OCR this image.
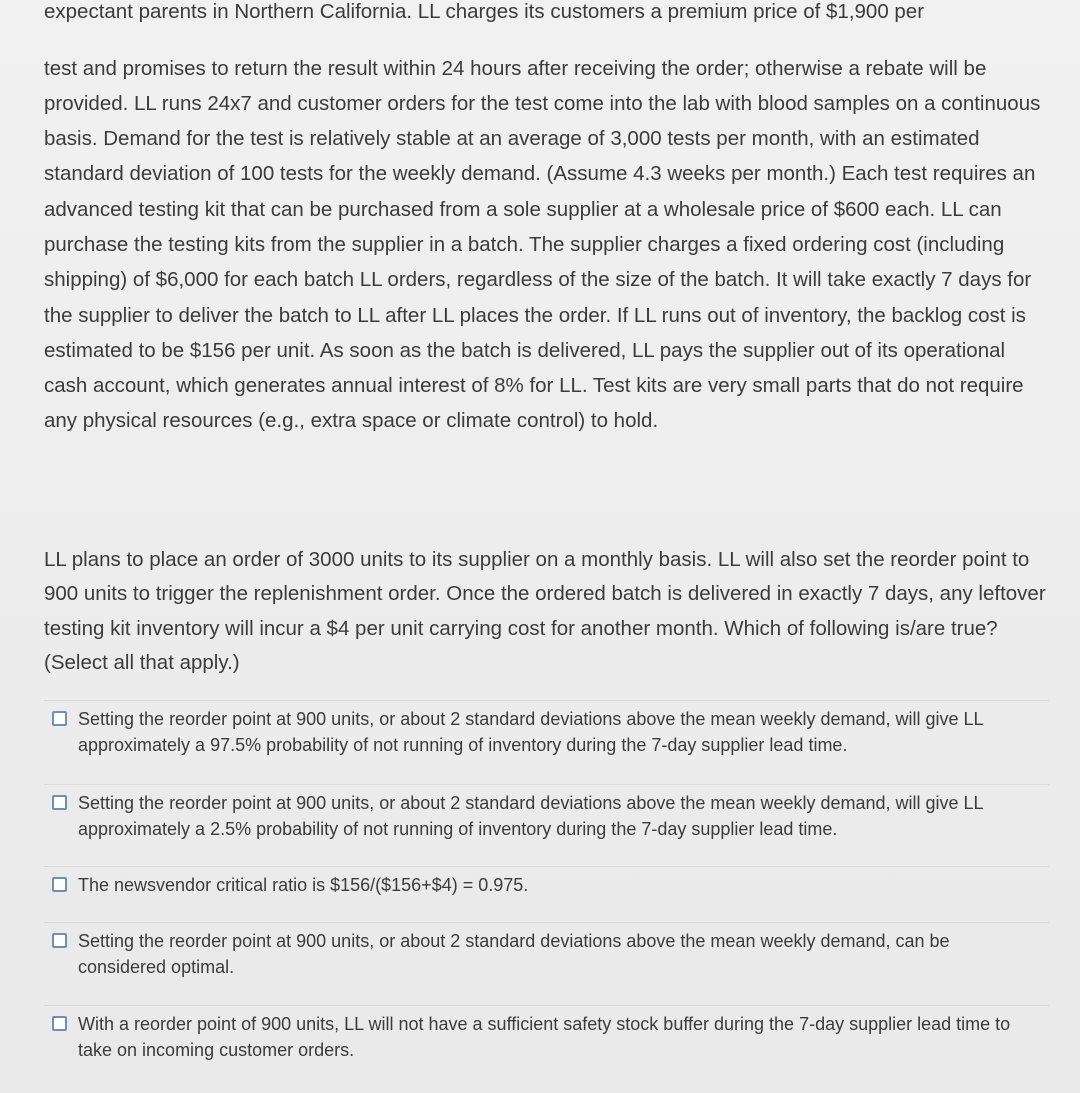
expectant parents in Northern California. LL charges its customers a premium price of $1,900 per

test and promises to return the result within 24 hours after receiving the order; otherwise a rebate will be provided. LL runs 24x7 and customer orders for the test come into the lab with blood samples on a continuous basis. Demand for the test is relatively stable at an average of 3,000 tests per month, with an estimated standard deviation of 100 tests for the weekly demand. (Assume 4.3 weeks per month.) Each test requires an advanced testing kit that can be purchased from a sole supplier at a wholesale price of $600 each. LL can purchase the testing kits from the supplier in a batch. The supplier charges a fixed ordering cost (including shipping) of $6,000 for each batch LL orders, regardless of the size of the batch. It will take exactly 7 days for the supplier to deliver the batch to LL after LL places the order. If LL runs out of inventory, the backlog cost is estimated to be $156 per unit. As soon as the batch is delivered, LL pays the supplier out of its operational cash account, which generates annual interest of 8% for LL. Test kits are very small parts that do not require any physical resources (e.g., extra space or climate control) to hold.

LL plans to place an order of 3000 units to its supplier on a monthly basis. LL will also set the reorder point to 900 units to trigger the replenishment order. Once the ordered batch is delivered in exactly 7 days, any leftover testing kit inventory will incur a $4 per unit carrying cost for another month. Which of following is/are true? (Select all that apply.)

Setting the reorder point at 900 units, or about 2 standard deviations above the mean weekly demand, will give LL approximately a 97.5% probability of not running of inventory during the 7-day supplier lead time.
Setting the reorder point at 900 units, or about 2 standard deviations above the mean weekly demand, will give LL approximately a 2.5% probability of not running of inventory during the 7-day supplier lead time.
The newsvendor critical ratio is $156/($156+$4) = 0.975.
Setting the reorder point at 900 units, or about 2 standard deviations above the mean weekly demand, can be considered optimal.
With a reorder point of 900 units, LL will not have a sufficient safety stock buffer during the 7-day supplier lead time to take on incoming customer orders.
